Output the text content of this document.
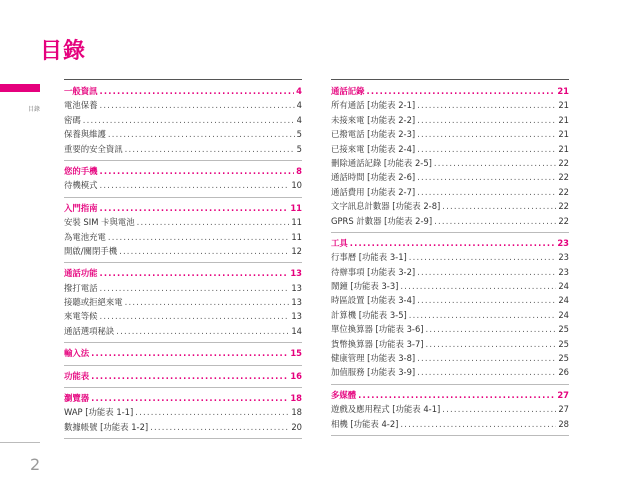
目錄
目錄
2
一般資訊 .....	4
電池保養 .....	4
密碼 .....	4
保養與維護 .....	5
重要的安全資訊 .....	5
您的手機 .....	8
待機模式 .....	10
入門指南 .....	11
安裝 SIM 卡與電池 .....	11
為電池充電 .....	11
開啟/關閉手機 .....	12
通話功能 .....	13
撥打電話 .....	13
接聽或拒絕來電 .....	13
來電等候 .....	13
通話選項秘訣 .....	14
輸入法 .....	15
功能表 .....	16
瀏覽器 .....	18
WAP [功能表 1-1] .....	18
數據帳號 [功能表 1-2] .....	20
通話記錄 .....	21
所有通話 [功能表 2-1] .....	21
未接來電 [功能表 2-2] .....	21
已撥電話 [功能表 2-3] .....	21
已接來電 [功能表 2-4] .....	21
刪除通話記錄 [功能表 2-5] .....	22
通話時間 [功能表 2-6] .....	22
通話費用 [功能表 2-7] .....	22
文字訊息計數器 [功能表 2-8] .....	22
GPRS 計數器 [功能表 2-9] .....	22
工具 .....	23
行事曆 [功能表 3-1] .....	23
待辦事項 [功能表 3-2] .....	23
鬧鐘 [功能表 3-3] .....	24
時區設置 [功能表 3-4] .....	24
計算機 [功能表 3-5] .....	24
單位換算器 [功能表 3-6] .....	25
貨幣換算器 [功能表 3-7] .....	25
健康管理 [功能表 3-8] .....	25
加值服務 [功能表 3-9] .....	26
多媒體 .....	27
遊戲及應用程式 [功能表 4-1] .....	27
相機 [功能表 4-2] .....	28
